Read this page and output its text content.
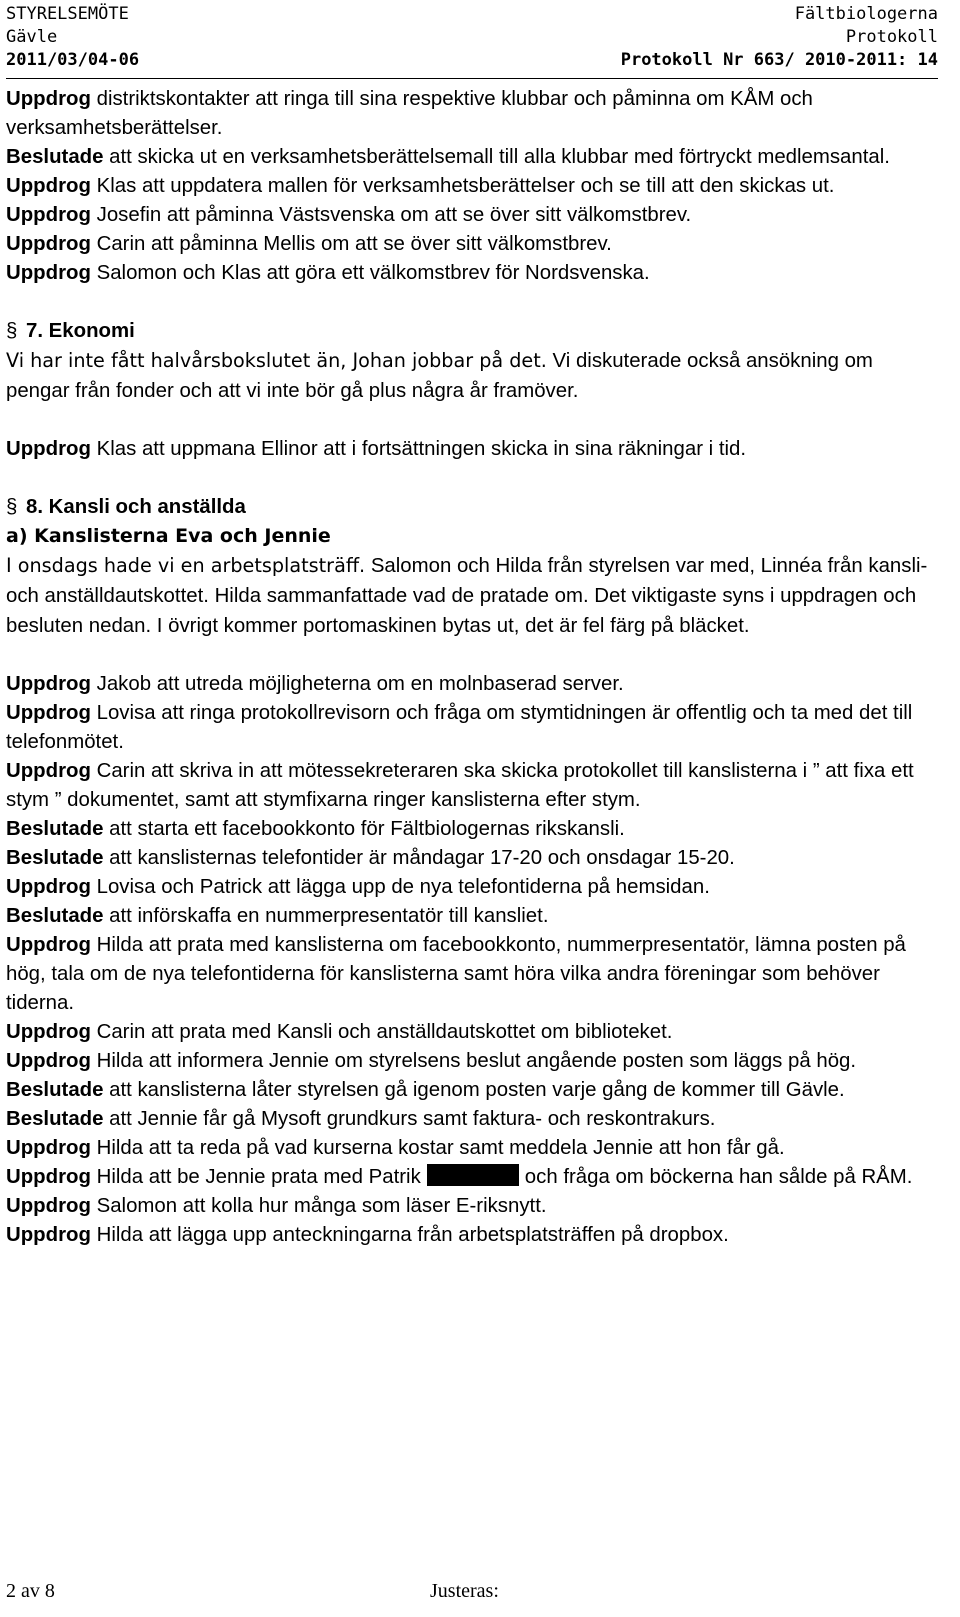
STYRELSEMÖTE	Fältbiologerna
Gävle	Protokoll
2011/03/04-06	Protokoll Nr 663/ 2010-2011: 14

Uppdrog distriktskontakter att ringa till sina respektive klubbar och påminna om KÅM och verksamhetsberättelser.

Beslutade att skicka ut en verksamhetsberättelsemall till alla klubbar med förtryckt medlemsantal.

Uppdrog Klas att uppdatera mallen för verksamhetsberättelser och se till att den skickas ut.

Uppdrog Josefin att påminna Västsvenska om att se över sitt välkomstbrev.

Uppdrog Carin att påminna Mellis om att se över sitt välkomstbrev.

Uppdrog Salomon och Klas att göra ett välkomstbrev för Nordsvenska.

§ 7. Ekonomi

Vi har inte fått halvårsbokslutet än, Johan jobbar på det. Vi diskuterade också ansökning om pengar från fonder och att vi inte bör gå plus några år framöver.

Uppdrog Klas att uppmana Ellinor att i fortsättningen skicka in sina räkningar i tid.

§ 8. Kansli och anställda

a) Kanslisterna Eva och Jennie

I onsdags hade vi en arbetsplatsträff. Salomon och Hilda från styrelsen var med, Linnéa från kansli- och anställdautskottet. Hilda sammanfattade vad de pratade om. Det viktigaste syns i uppdragen och besluten nedan. I övrigt kommer portomaskinen bytas ut, det är fel färg på bläcket.

Uppdrog Jakob att utreda möjligheterna om en molnbaserad server.

Uppdrog Lovisa att ringa protokollrevisorn och fråga om stymtidningen är offentlig och ta med det till telefonmötet.

Uppdrog Carin att skriva in att mötessekreteraren ska skicka protokollet till kanslisterna i ” att fixa ett stym ” dokumentet, samt att stymfixarna ringer kanslisterna efter stym.

Beslutade att starta ett facebookkonto för Fältbiologernas rikskansli.

Beslutade att kanslisternas telefontider är måndagar 17-20 och onsdagar 15-20.

Uppdrog Lovisa och Patrick att lägga upp de nya telefontiderna på hemsidan.

Beslutade att införskaffa en nummerpresentatör till kansliet.

Uppdrog Hilda att prata med kanslisterna om facebookkonto, nummerpresentatör, lämna posten på hög, tala om de nya telefontiderna för kanslisterna samt höra vilka andra föreningar som behöver tiderna.

Uppdrog Carin att prata med Kansli och anställdautskottet om biblioteket.

Uppdrog Hilda att informera Jennie om styrelsens beslut angående posten som läggs på hög.

Beslutade att kanslisterna låter styrelsen gå igenom posten varje gång de kommer till Gävle.

Beslutade att Jennie får gå Mysoft grundkurs samt faktura- och reskontrakurs.

Uppdrog Hilda att ta reda på vad kurserna kostar samt meddela Jennie att hon får gå.

Uppdrog Hilda att be Jennie prata med Patrik	och fråga om böckerna han sålde på RÅM.

Uppdrog Salomon att kolla hur många som läser E-riksnytt.

Uppdrog Hilda att lägga upp anteckningarna från arbetsplatsträffen på dropbox.

2 av 8	Justeras:
